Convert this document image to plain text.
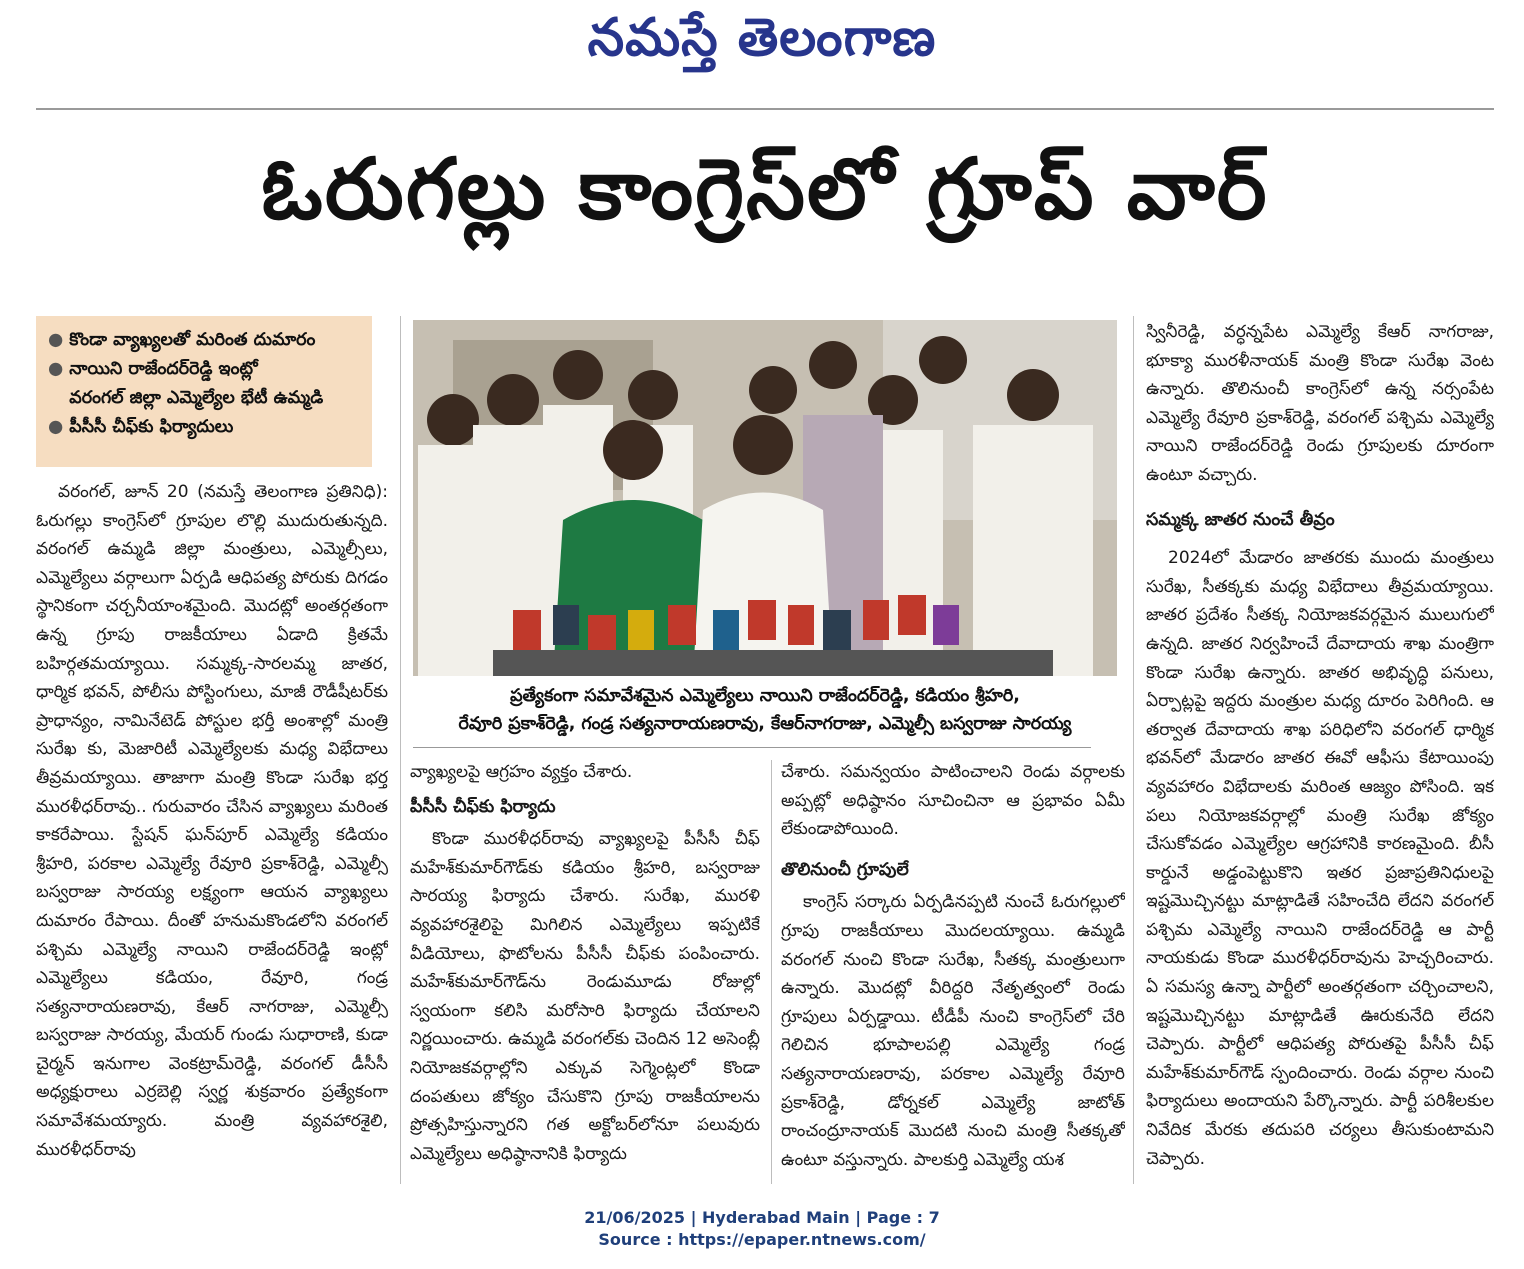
నమస్తే తెలంగాణ
ఓరుగల్లు కాంగ్రెస్‌లో గ్రూప్ వార్
● కొండా వ్యాఖ్యలతో మరింత దుమారం
● నాయిని రాజేందర్‌రెడ్డి ఇంట్లో
వరంగల్ జిల్లా ఎమ్మెల్యేల భేటీ ఉమ్మడి
● పీసీసీ చీఫ్‌కు ఫిర్యాదులు

వరంగల్, జూన్ 20 (నమస్తే తెలంగాణ ప్రతినిధి): ఓరుగల్లు కాంగ్రెస్‌లో గ్రూపుల లొల్లి ముదురుతున్నది. వరంగల్ ఉమ్మడి జిల్లా మంత్రులు, ఎమ్మెల్సీలు, ఎమ్మెల్యేలు వర్గాలుగా ఏర్పడి ఆధిపత్య పోరుకు దిగడం స్థానికంగా చర్చనీయాంశమైంది. మొదట్లో అంతర్గతంగా ఉన్న గ్రూపు రాజకీయాలు ఏడాది క్రితమే బహిర్గతమయ్యాయి. సమ్మక్క-సారలమ్మ జాతర, ధార్మిక భవన్, పోలీసు పోస్టింగులు, మాజీ రౌడీషీటర్‌కు ప్రాధాన్యం, నామినేటెడ్ పోస్టుల భర్తీ అంశాల్లో మంత్రి సురేఖ కు, మెజారిటీ ఎమ్మెల్యేలకు మధ్య విభేదాలు తీవ్రమయ్యాయి. తాజాగా మంత్రి కొండా సురేఖ భర్త మురళీధర్‌రావు.. గురువారం చేసిన వ్యాఖ్యలు మరింత కాకరేపాయి. స్టేషన్ ఘన్‌పూర్ ఎమ్మెల్యే కడియం శ్రీహరి, పరకాల ఎమ్మెల్యే రేవూరి ప్రకాశ్‌రెడ్డి, ఎమ్మెల్సీ బస్వరాజు సారయ్య లక్ష్యంగా ఆయన వ్యాఖ్యలు దుమారం రేపాయి. దీంతో హనుమకొండలోని వరంగల్ పశ్చిమ ఎమ్మెల్యే నాయిని రాజేందర్‌రెడ్డి ఇంట్లో ఎమ్మెల్యేలు కడియం, రేవూరి, గండ్ర సత్యనారాయణరావు, కేఆర్ నాగరాజు, ఎమ్మెల్సీ బస్వరాజు సారయ్య, మేయర్ గుండు సుధారాణి, కుడా చైర్మన్ ఇనుగాల వెంకట్రామ్‌రెడ్డి, వరంగల్ డీసీసీ అధ్యక్షురాలు ఎర్రబెల్లి స్వర్ణ శుక్రవారం ప్రత్యేకంగా సమావేశమయ్యారు. మంత్రి వ్యవహారశైలి, మురళీధర్‌రావు

ప్రత్యేకంగా సమావేశమైన ఎమ్మెల్యేలు నాయిని రాజేందర్‌రెడ్డి, కడియం శ్రీహరి,
రేవూరి ప్రకాశ్‌రెడ్డి, గండ్ర సత్యనారాయణరావు, కేఆర్‌నాగరాజు, ఎమ్మెల్సీ బస్వరాజు సారయ్య

వ్యాఖ్యలపై ఆగ్రహం వ్యక్తం చేశారు.

పీసీసీ చీఫ్‌కు ఫిర్యాదు

కొండా మురళీధర్‌రావు వ్యాఖ్యలపై పీసీసీ చీఫ్ మహేశ్‌కుమార్‌గౌడ్‌కు కడియం శ్రీహరి, బస్వరాజు సారయ్య ఫిర్యాదు చేశారు. సురేఖ, మురళి వ్యవహారశైలిపై మిగిలిన ఎమ్మెల్యేలు ఇప్పటికే వీడియోలు, ఫొటోలను పీసీసీ చీఫ్‌కు పంపించారు. మహేశ్‌కుమార్‌గౌడ్‌ను రెండుమూడు రోజుల్లో స్వయంగా కలిసి మరోసారి ఫిర్యాదు చేయాలని నిర్ణయించారు. ఉమ్మడి వరంగల్‌కు చెందిన 12 అసెంబ్లీ నియోజకవర్గాల్లోని ఎక్కువ సెగ్మెంట్లలో కొండా దంపతులు జోక్యం చేసుకొని గ్రూపు రాజకీయాలను ప్రోత్సహిస్తున్నారని గత అక్టోబర్‌లోనూ పలువురు ఎమ్మెల్యేలు అధిష్ఠానానికి ఫిర్యాదు

చేశారు. సమన్వయం పాటించాలని రెండు వర్గాలకు అప్పట్లో అధిష్ఠానం సూచించినా ఆ ప్రభావం ఏమీ లేకుండాపోయింది.

తొలినుంచీ గ్రూపులే

కాంగ్రెస్ సర్కారు ఏర్పడినప్పటి నుంచే ఓరుగల్లులో గ్రూపు రాజకీయాలు మొదలయ్యాయి. ఉమ్మడి వరంగల్ నుంచి కొండా సురేఖ, సీతక్క మంత్రులుగా ఉన్నారు. మొదట్లో వీరిద్దరి నేతృత్వంలో రెండు గ్రూపులు ఏర్పడ్డాయి. టీడీపీ నుంచి కాంగ్రెస్‌లో చేరి గెలిచిన భూపాలపల్లి ఎమ్మెల్యే గండ్ర సత్యనారాయణరావు, పరకాల ఎమ్మెల్యే రేవూరి ప్రకాశ్‌రెడ్డి, డోర్నకల్ ఎమ్మెల్యే జాటోత్ రాంచంద్రూనాయక్ మొదటి నుంచి మంత్రి సీతక్కతో ఉంటూ వస్తున్నారు. పాలకుర్తి ఎమ్మెల్యే యశ

స్వినీరెడ్డి, వర్ధన్నపేట ఎమ్మెల్యే కేఆర్ నాగరాజు, భూక్యా మురళీనాయక్ మంత్రి కొండా సురేఖ వెంట ఉన్నారు. తొలినుంచీ కాంగ్రెస్‌లో ఉన్న నర్సంపేట ఎమ్మెల్యే రేవూరి ప్రకాశ్‌రెడ్డి, వరంగల్ పశ్చిమ ఎమ్మెల్యే నాయిని రాజేందర్‌రెడ్డి రెండు గ్రూపులకు దూరంగా ఉంటూ వచ్చారు.

సమ్మక్క జాతర నుంచే తీవ్రం

2024లో మేడారం జాతరకు ముందు మంత్రులు సురేఖ, సీతక్కకు మధ్య విభేదాలు తీవ్రమయ్యాయి. జాతర ప్రదేశం సీతక్క నియోజకవర్గమైన ములుగులో ఉన్నది. జాతర నిర్వహించే దేవాదాయ శాఖ మంత్రిగా కొండా సురేఖ ఉన్నారు. జాతర అభివృద్ధి పనులు, ఏర్పాట్లపై ఇద్దరు మంత్రుల మధ్య దూరం పెరిగింది. ఆ తర్వాత దేవాదాయ శాఖ పరిధిలోని వరంగల్ ధార్మిక భవన్‌లో మేడారం జాతర ఈవో ఆఫీసు కేటాయింపు వ్యవహారం విభేదాలకు మరింత ఆజ్యం పోసింది. ఇక పలు నియోజకవర్గాల్లో మంత్రి సురేఖ జోక్యం చేసుకోవడం ఎమ్మెల్యేల ఆగ్రహానికి కారణమైంది. బీసీ కార్డునే అడ్డంపెట్టుకొని ఇతర ప్రజాప్రతినిధులపై ఇష్టమొచ్చినట్టు మాట్లాడితే సహించేది లేదని వరంగల్ పశ్చిమ ఎమ్మెల్యే నాయిని రాజేందర్‌రెడ్డి ఆ పార్టీ నాయకుడు కొండా మురళీధర్‌రావును హెచ్చరించారు. ఏ సమస్య ఉన్నా పార్టీలో అంతర్గతంగా చర్చించాలని, ఇష్టమొచ్చినట్టు మాట్లాడితే ఊరుకునేది లేదని చెప్పారు. పార్టీలో ఆధిపత్య పోరుతపై పీసీసీ చీఫ్ మహేశ్‌కుమార్‌గౌడ్ స్పందించారు. రెండు వర్గాల నుంచి ఫిర్యాదులు అందాయని పేర్కొన్నారు. పార్టీ పరిశీలకుల నివేదిక మేరకు తదుపరి చర్యలు తీసుకుంటామని చెప్పారు.

21/06/2025 | Hyderabad Main | Page : 7
Source : https://epaper.ntnews.com/
